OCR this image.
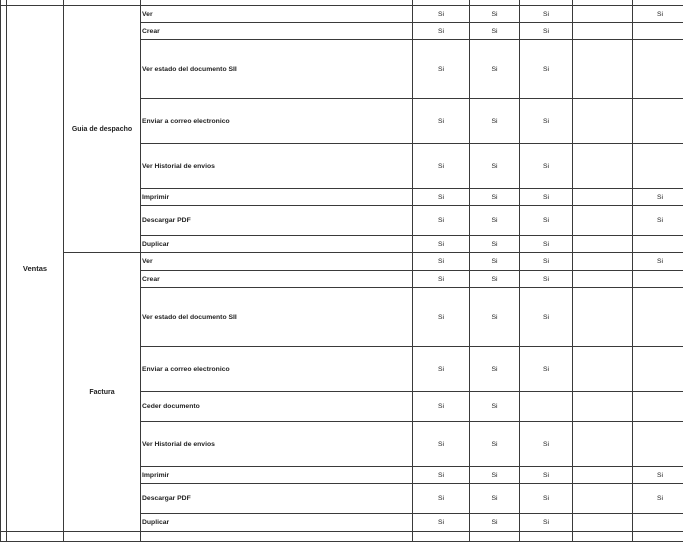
	Ventas	Guia de despacho	Ver	Si	Si	Si		Si
			Crear	Si	Si	Si		
			Ver estado del documento SII	Si	Si	Si		
			Enviar a correo electronico	Si	Si	Si		
			Ver Historial de envios	Si	Si	Si		
			Imprimir	Si	Si	Si		Si
			Descargar PDF	Si	Si	Si		Si
			Duplicar	Si	Si	Si		
		Factura	Ver	Si	Si	Si		Si
			Crear	Si	Si	Si		
			Ver estado del documento SII	Si	Si	Si		
			Enviar a correo electronico	Si	Si	Si		
			Ceder documento	Si	Si			
			Ver Historial de envios	Si	Si	Si		
			Imprimir	Si	Si	Si		Si
			Descargar PDF	Si	Si	Si		Si
			Duplicar	Si	Si	Si		
